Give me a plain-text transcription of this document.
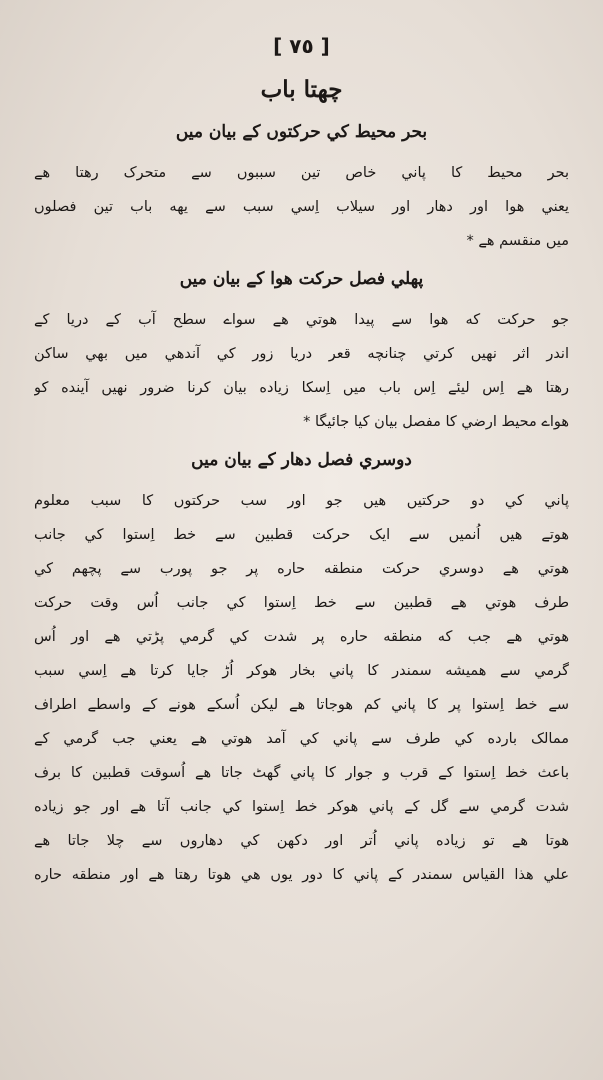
[ ٧٥ ]
چھتا باب
بحر محیط کي حرکتوں کے بیان میں
بحر محیط کا پاني خاص تین سببوں سے متحرک رهتا هے
یعني هوا اور دهار اور سیلاب اِسي سبب سے یهه باب تین فصلوں
میں منقسم هے *
پهلي فصل حرکت هوا کے بیان میں
جو حرکت که هوا سے پیدا هوتي هے سواے سطح آب کے دریا کے
اندر اثر نهیں کرتي چنانچه قعر دریا زور کي آندهي میں بهي ساکن
رهتا هے اِس لیئے اِس باب میں اِسکا زیاده بیان کرنا ضرور نهیں آینده کو
هواے محیط ارضي کا مفصل بیان کیا جائیگا *
دوسري فصل دهار کے بیان میں
پاني کي دو حرکتیں هیں جو اور سب حرکتوں کا سبب معلوم
هوتے هیں اُنمیں سے ایک حرکت قطبین سے خط اِستوا کي جانب
هوتي هے دوسري حرکت منطقه حاره پر جو پورب سے پچھم کي
طرف هوتي هے قطبین سے خط اِستوا کي جانب اُس وقت حرکت
هوتي هے جب که منطقه حاره پر شدت کي گرمي پڑتي هے اور اُس
گرمي سے همیشه سمندر کا پاني بخار هوکر اُڑ جایا کرتا هے اِسي سبب
سے خط اِستوا پر کا پاني کم هوجاتا هے لیکن اُسکے هونے کے واسطے اطراف
ممالک بارده کي طرف سے پاني کي آمد هوتي هے یعني جب گرمي کے
باعث خط اِستوا کے قرب و جوار کا پاني گهٹ جاتا هے اُسوقت قطبین کا برف
شدت گرمي سے گل کے پاني هوکر خط اِستوا کي جانب آتا هے اور جو زیاده
هوتا هے تو زیاده پاني اُتر اور دکهن کي دهاروں سے چلا جاتا هے
علي هذا القیاس سمندر کے پاني کا دور یوں هي هوتا رهتا هے اور منطقه حاره
